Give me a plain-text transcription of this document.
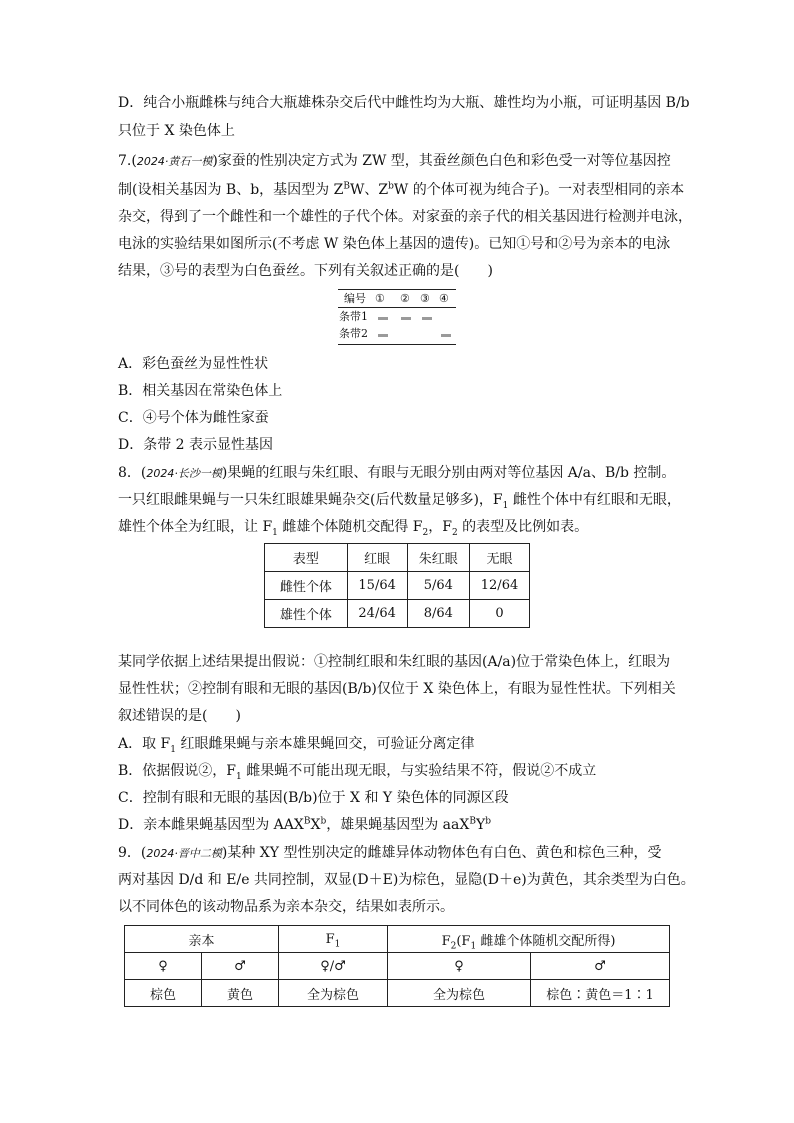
D．纯合小瓶雌株与纯合大瓶雄株杂交后代中雌性均为大瓶、雄性均为小瓶，可证明基因 B/b
只位于 X 染色体上
7.(2024·黄石一模)家蚕的性别决定方式为 ZW 型，其蚕丝颜色白色和彩色受一对等位基因控
制(设相关基因为 B、b，基因型为 $Z^BW$、$Z^bW$ 的个体可视为纯合子)。一对表型相同的亲本
杂交，得到了一个雌性和一个雄性的子代个体。对家蚕的亲子代的相关基因进行检测并电泳，
电泳的实验结果如图所示(不考虑 W 染色体上基因的遗传)。已知①号和②号为亲本的电泳
结果，③号的表型为白色蚕丝。下列有关叙述正确的是(　　)
编号 ① ② ③ ④
条带1
条带2
A．彩色蚕丝为显性性状
B．相关基因在常染色体上
C．④号个体为雌性家蚕
D．条带 2 表示显性基因
8．(2024·长沙一模)果蝇的红眼与朱红眼、有眼与无眼分别由两对等位基因 A/a、B/b 控制。
一只红眼雌果蝇与一只朱红眼雄果蝇杂交(后代数量足够多)，$F_1$ 雌性个体中有红眼和无眼，
雄性个体全为红眼，让 $F_1$ 雌雄个体随机交配得 $F_2$，$F_2$ 的表型及比例如表。
表型	红眼	朱红眼	无眼
雌性个体	15/64	5/64	12/64
雄性个体	24/64	8/64	0
某同学依据上述结果提出假说：①控制红眼和朱红眼的基因(A/a)位于常染色体上，红眼为
显性性状；②控制有眼和无眼的基因(B/b)仅位于 X 染色体上，有眼为显性性状。下列相关
叙述错误的是(　　)
A．取 $F_1$ 红眼雌果蝇与亲本雄果蝇回交，可验证分离定律
B．依据假说②，$F_1$ 雌果蝇不可能出现无眼，与实验结果不符，假说②不成立
C．控制有眼和无眼的基因(B/b)位于 X 和 Y 染色体的同源区段
D．亲本雌果蝇基因型为 $AAX^BX^b$，雄果蝇基因型为 $aaX^BY^b$
9．(2024·晋中二模)某种 XY 型性别决定的雌雄异体动物体色有白色、黄色和棕色三种，受
两对基因 D/d 和 E/e 共同控制，双显(D＋E)为棕色，显隐(D＋e)为黄色，其余类型为白色。
以不同体色的该动物品系为亲本杂交，结果如表所示。
亲本		$F_1$	$F_2(F_1$ 雌雄个体随机交配所得)	
♀	♂	♀/♂	♀	♂
棕色	黄色	全为棕色	全为棕色	棕色∶黄色＝1∶1
